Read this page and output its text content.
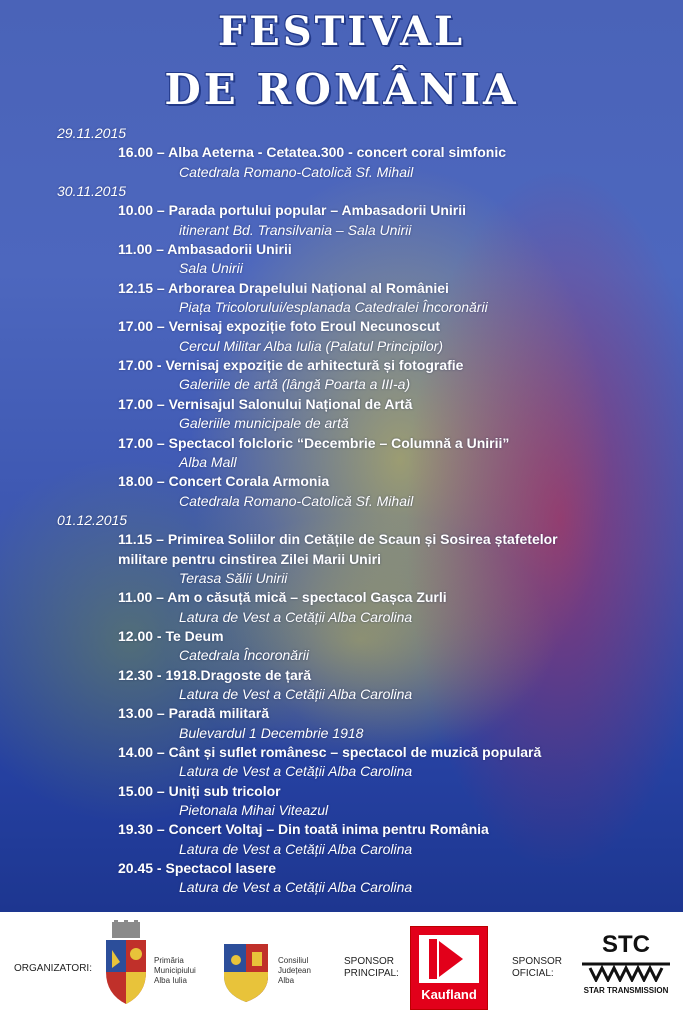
FESTIVAL
DE ROMÂNIA
29.11.2015
16.00 – Alba Aeterna - Cetatea.300 - concert coral simfonic
Catedrala Romano-Catolică Sf. Mihail
30.11.2015
10.00 – Parada portului popular – Ambasadorii Unirii
itinerant Bd. Transilvania – Sala Unirii
11.00 – Ambasadorii Unirii
Sala Unirii
12.15 – Arborarea Drapelului Național al României
Piața Tricolorului/esplanada Catedralei Încoronării
17.00 – Vernisaj expoziție foto Eroul Necunoscut
Cercul Militar Alba Iulia (Palatul Principilor)
17.00 - Vernisaj expoziție de arhitectură și fotografie
Galeriile de artă (lângă Poarta a III-a)
17.00 – Vernisajul Salonului Național de Artă
Galeriile municipale de artă
17.00 – Spectacol folcloric “Decembrie – Columnă a Unirii”
Alba Mall
18.00 – Concert Corala Armonia
Catedrala Romano-Catolică Sf. Mihail
01.12.2015
11.15 – Primirea Soliilor din Cetățile de Scaun și Sosirea ștafetelor
militare pentru cinstirea Zilei Marii Uniri
Terasa Sălii Unirii
11.00 – Am o căsuță mică – spectacol Gașca Zurli
Latura de Vest a Cetății Alba Carolina
12.00 - Te Deum
Catedrala Încoronării
12.30 - 1918.Dragoste de țară
Latura de Vest a Cetății Alba Carolina
13.00 – Paradă militară
Bulevardul 1 Decembrie 1918
14.00 – Cânt și suflet românesc – spectacol de muzică populară
Latura de Vest a Cetății Alba Carolina
15.00 – Uniți sub tricolor
Pietonala Mihai Viteazul
19.30 – Concert Voltaj – Din toată inima pentru România
Latura de Vest a Cetății Alba Carolina
20.45 - Spectacol lasere
Latura de Vest a Cetății Alba Carolina
ORGANIZATORI:
Primăria
Municipiului
Alba Iulia
Consiliul
Județean
Alba
SPONSOR
PRINCIPAL:
Kaufland
SPONSOR
OFICIAL:
STC
STAR TRANSMISSION
